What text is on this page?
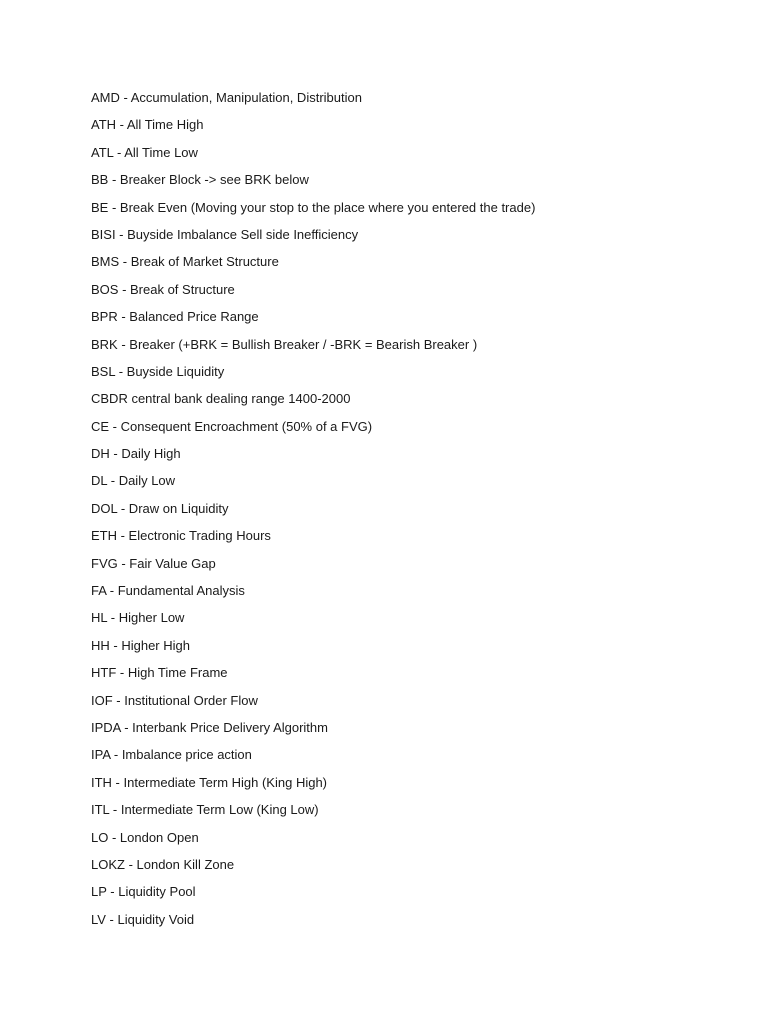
AMD - Accumulation, Manipulation, Distribution
ATH - All Time High
ATL - All Time Low
BB - Breaker Block -> see BRK below
BE - Break Even (Moving your stop to the place where you entered the trade)
BISI - Buyside Imbalance Sell side Inefficiency
BMS - Break of Market Structure
BOS - Break of Structure
BPR - Balanced Price Range
BRK - Breaker (+BRK = Bullish Breaker / -BRK = Bearish Breaker )
BSL - Buyside Liquidity
CBDR central bank dealing range 1400-2000
CE - Consequent Encroachment (50% of a FVG)
DH - Daily High
DL - Daily Low
DOL - Draw on Liquidity
ETH - Electronic Trading Hours
FVG - Fair Value Gap
FA - Fundamental Analysis
HL - Higher Low
HH - Higher High
HTF - High Time Frame
IOF - Institutional Order Flow
IPDA - Interbank Price Delivery Algorithm
IPA - Imbalance price action
ITH - Intermediate Term High (King High)
ITL - Intermediate Term Low (King Low)
LO - London Open
LOKZ - London Kill Zone
LP - Liquidity Pool
LV - Liquidity Void
